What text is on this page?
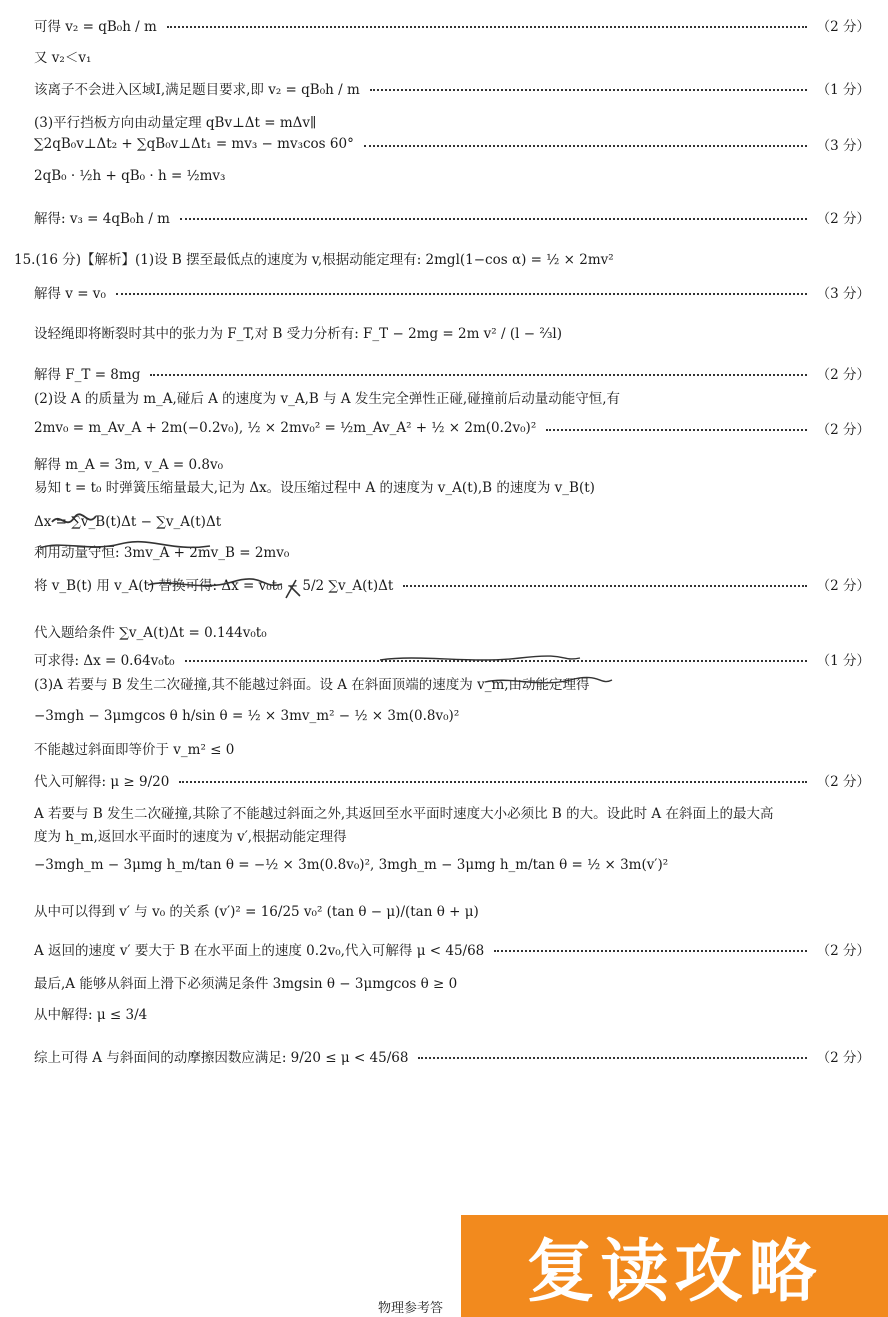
可得 v₂ = qB₀h / m	（2 分）
又 v₂＜v₁
该离子不会进入区域Ⅰ,满足题目要求,即 v₂ = qB₀h / m	（1 分）
(3)平行挡板方向由动量定理 qBv⊥Δt = mΔv∥
∑2qB₀v⊥Δt₂ + ∑qB₀v⊥Δt₁ = mv₃ − mv₃cos 60°	（3 分）
2qB₀ · ½h + qB₀ · h = ½mv₃
解得: v₃ = 4qB₀h / m	（2 分）
15.(16 分)【解析】(1)设 B 摆至最低点的速度为 v,根据动能定理有: 2mgl(1−cos α) = ½ × 2mv²
解得 v = v₀	（3 分）
设轻绳即将断裂时其中的张力为 F_T,对 B 受力分析有: F_T − 2mg = 2m v² / (l − ⅔l)
解得 F_T = 8mg	（2 分）
(2)设 A 的质量为 m_A,碰后 A 的速度为 v_A,B 与 A 发生完全弹性正碰,碰撞前后动量动能守恒,有
2mv₀ = m_Av_A + 2m(−0.2v₀), ½ × 2mv₀² = ½m_Av_A² + ½ × 2m(0.2v₀)²	（2 分）
解得 m_A = 3m, v_A = 0.8v₀
易知 t = t₀ 时弹簧压缩量最大,记为 Δx。设压缩过程中 A 的速度为 v_A(t),B 的速度为 v_B(t)
Δx = ∑v_B(t)Δt − ∑v_A(t)Δt
利用动量守恒: 3mv_A + 2mv_B = 2mv₀
将 v_B(t) 用 v_A(t) 替换可得: Δx = v₀t₀ − 5/2 ∑v_A(t)Δt	（2 分）
代入题给条件 ∑v_A(t)Δt = 0.144v₀t₀
可求得: Δx = 0.64v₀t₀	（1 分）
(3)A 若要与 B 发生二次碰撞,其不能越过斜面。设 A 在斜面顶端的速度为 v_m,由动能定理得
−3mgh − 3μmgcos θ h/sin θ = ½ × 3mv_m² − ½ × 3m(0.8v₀)²
不能越过斜面即等价于 v_m² ≤ 0
代入可解得: μ ≥ 9/20	（2 分）
A 若要与 B 发生二次碰撞,其除了不能越过斜面之外,其返回至水平面时速度大小必须比 B 的大。设此时 A 在斜面上的最大高
度为 h_m,返回水平面时的速度为 v′,根据动能定理得
−3mgh_m − 3μmg h_m/tan θ = −½ × 3m(0.8v₀)², 3mgh_m − 3μmg h_m/tan θ = ½ × 3m(v′)²
从中可以得到 v′ 与 v₀ 的关系 (v′)² = 16/25 v₀² (tan θ − μ)/(tan θ + μ)
A 返回的速度 v′ 要大于 B 在水平面上的速度 0.2v₀,代入可解得 μ < 45/68	（2 分）
最后,A 能够从斜面上滑下必须满足条件 3mgsin θ − 3μmgcos θ ≥ 0
从中解得: μ ≤ 3/4
综上可得 A 与斜面间的动摩擦因数应满足: 9/20 ≤ μ < 45/68	（2 分）
复读攻略
物理参考答
